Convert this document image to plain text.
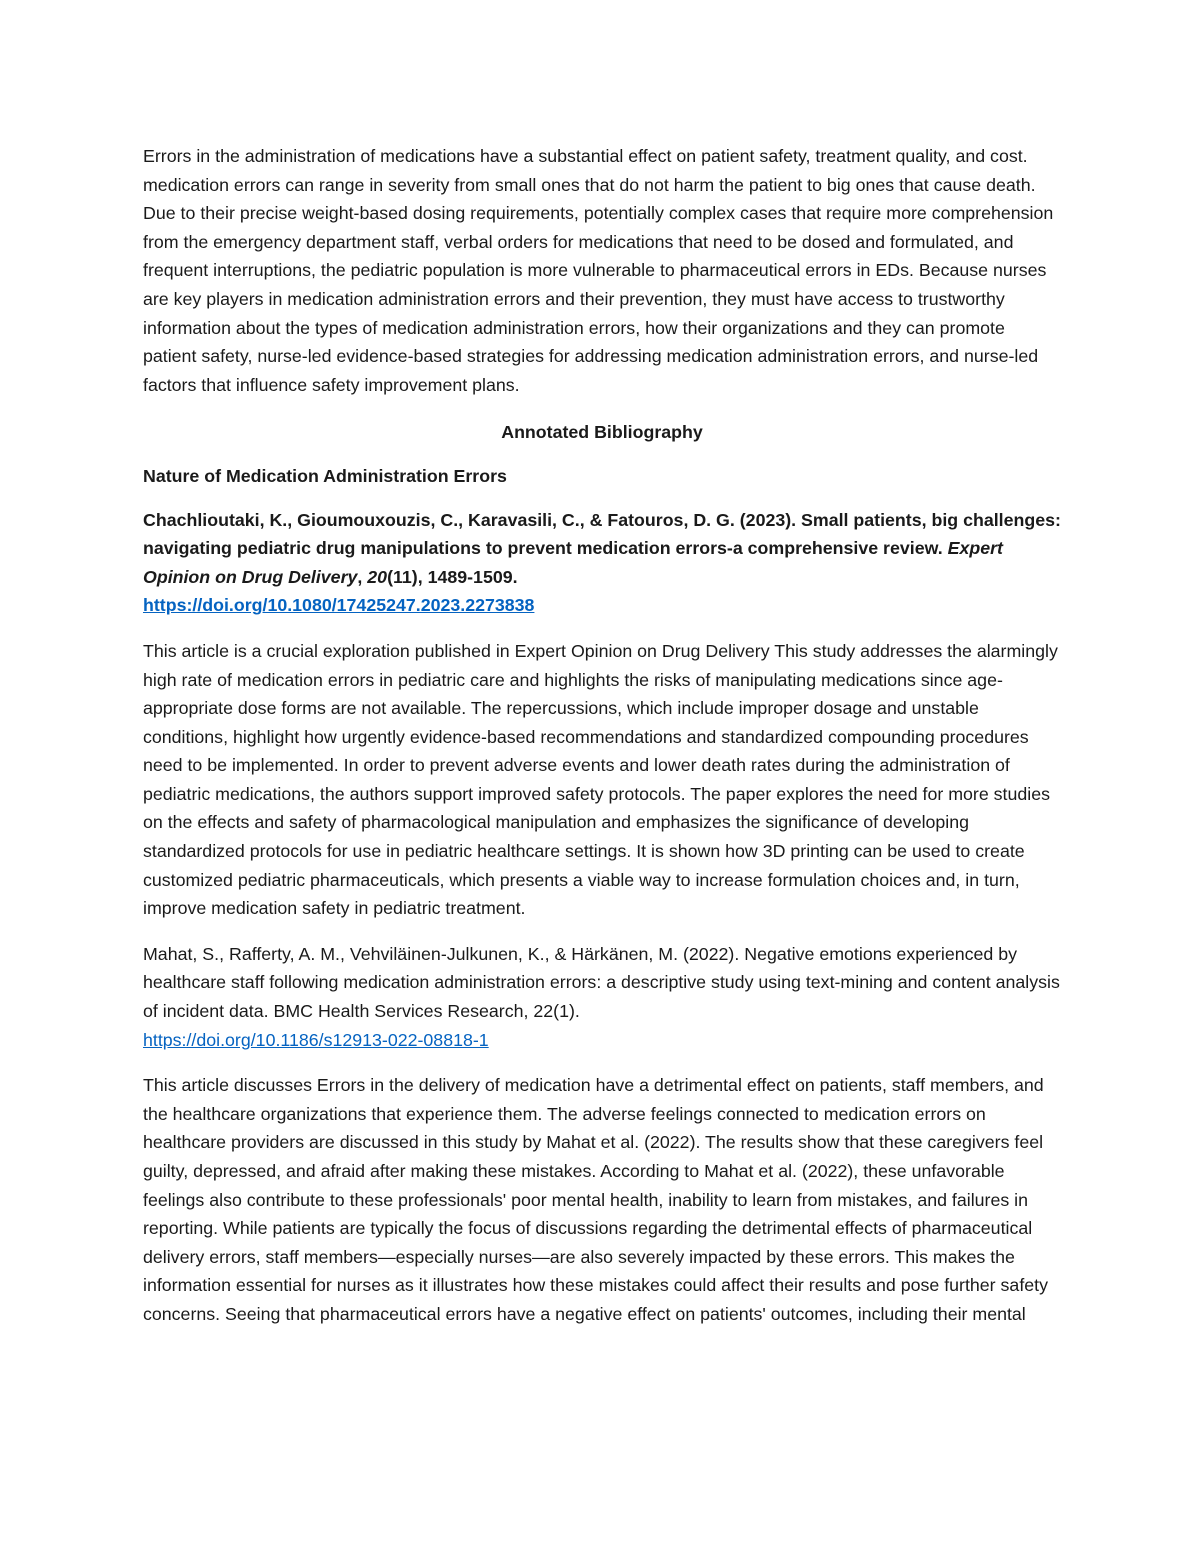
Errors in the administration of medications have a substantial effect on patient safety, treatment quality, and cost. medication errors can range in severity from small ones that do not harm the patient to big ones that cause death. Due to their precise weight-based dosing requirements, potentially complex cases that require more comprehension from the emergency department staff, verbal orders for medications that need to be dosed and formulated, and frequent interruptions, the pediatric population is more vulnerable to pharmaceutical errors in EDs. Because nurses are key players in medication administration errors and their prevention, they must have access to trustworthy information about the types of medication administration errors, how their organizations and they can promote patient safety, nurse-led evidence-based strategies for addressing medication administration errors, and nurse-led factors that influence safety improvement plans.

Annotated Bibliography

Nature of Medication Administration Errors

Chachlioutaki, K., Gioumouxouzis, C., Karavasili, C., & Fatouros, D. G. (2023). Small patients, big challenges: navigating pediatric drug manipulations to prevent medication errors-a comprehensive review. Expert Opinion on Drug Delivery, 20(11), 1489-1509.
https://doi.org/10.1080/17425247.2023.2273838

This article is a crucial exploration published in Expert Opinion on Drug Delivery This study addresses the alarmingly high rate of medication errors in pediatric care and highlights the risks of manipulating medications since age-appropriate dose forms are not available. The repercussions, which include improper dosage and unstable conditions, highlight how urgently evidence-based recommendations and standardized compounding procedures need to be implemented. In order to prevent adverse events and lower death rates during the administration of pediatric medications, the authors support improved safety protocols. The paper explores the need for more studies on the effects and safety of pharmacological manipulation and emphasizes the significance of developing standardized protocols for use in pediatric healthcare settings. It is shown how 3D printing can be used to create customized pediatric pharmaceuticals, which presents a viable way to increase formulation choices and, in turn, improve medication safety in pediatric treatment.

Mahat, S., Rafferty, A. M., Vehviläinen-Julkunen, K., & Härkänen, M. (2022). Negative emotions experienced by healthcare staff following medication administration errors: a descriptive study using text-mining and content analysis of incident data. BMC Health Services Research, 22(1).
https://doi.org/10.1186/s12913-022-08818-1

This article discusses Errors in the delivery of medication have a detrimental effect on patients, staff members, and the healthcare organizations that experience them. The adverse feelings connected to medication errors on healthcare providers are discussed in this study by Mahat et al. (2022). The results show that these caregivers feel guilty, depressed, and afraid after making these mistakes. According to Mahat et al. (2022), these unfavorable feelings also contribute to these professionals' poor mental health, inability to learn from mistakes, and failures in reporting. While patients are typically the focus of discussions regarding the detrimental effects of pharmaceutical delivery errors, staff members—especially nurses—are also severely impacted by these errors. This makes the information essential for nurses as it illustrates how these mistakes could affect their results and pose further safety concerns. Seeing that pharmaceutical errors have a negative effect on patients' outcomes, including their mental
